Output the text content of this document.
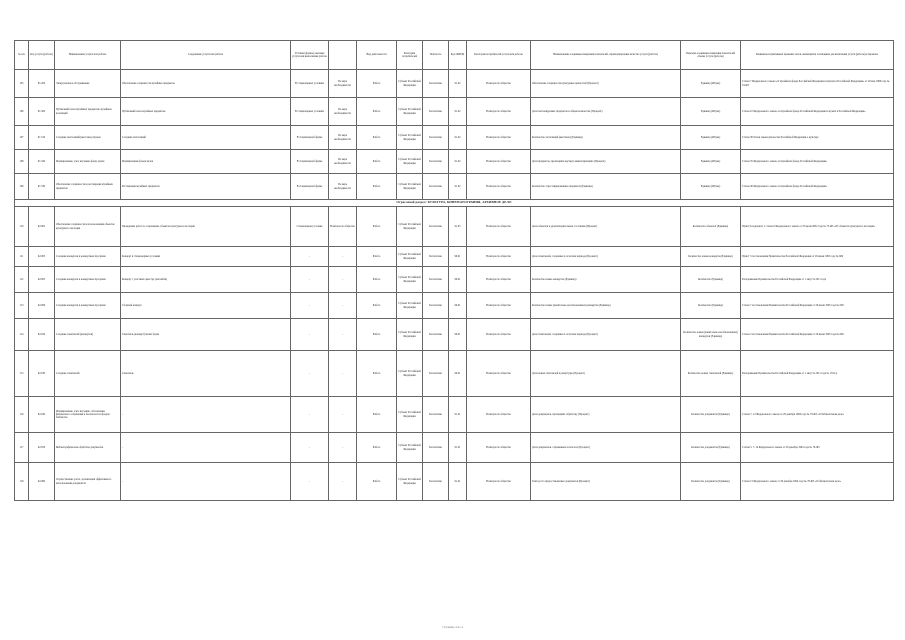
№ п/п	Код услуги (работы)	Наименование услуги или работы	Содержание услуги или работы	Условия (формы) оказания услуги или выполнения работы		Вид деятельности	Категория потребителей	Платность	Код ОКВЭД	Категория потребителей услуги или работы	Наименование и единицы измерения показателей, характеризующих качество услуги (работы)	Перечень и единицы измерения показателей объема услуги (работы)	Реквизиты нормативных правовых актов, являющихся основанием для включения услуги (работы) в перечень
105	91.200	Экскурсионное обслуживание	Обеспечение сохранности музейных предметов	В стационарных условиях	По мере необходимости	Работа	Субъект Российской Федерации	Бесплатная	91.02	В интересах общества	Обеспечение сохранности культурных ценностей (Процент)	Единица (Штука)	Статья 7 Федерального закона «О музейном фонде Российской Федерации и музеях в Российской Федерации» от 26 мая 1996 года № 54-ФЗ
106	91.300	Публичный показ музейных предметов, музейных коллекций	Публичный показ музейных предметов	В стационарных условиях	По мере необходимости	Работа	Субъект Российской Федерации	Бесплатная	91.02	В интересах общества	Доля экспонируемых предметов в общем количестве (Процент)	Единица (Штука)	Статья 10 Федерального закона «О музейном фонде Российской Федерации и музеях в Российской Федерации»
107	91.310	Создание экспозиций (выставок) музеев	Создание экспозиций	В стационарной форме	По мере необходимости	Работа	Субъект Российской Федерации	Бесплатная	91.02	В интересах общества	Количество экспозиций (выставок) (Единица)	Единица (Штука)	Статья 36 Основ законодательства Российской Федерации о культуре
108	91.320	Формирование, учет, изучение фонда музея	Формирование фонда музея	В стационарной форме	По мере необходимости	Работа	Субъект Российской Федерации	Бесплатная	91.02	В интересах общества	Доля предметов, прошедших научную инвентаризацию (Процент)	Единица (Штука)	Статья 35 Федерального закона «О музейном фонде Российской Федерации»
109	91.330	Обеспечение сохранности и реставрация музейных предметов	Реставрация музейных предметов	В стационарной форме	По мере необходимости	Работа	Субъект Российской Федерации	Бесплатная	91.02	В интересах общества	Количество отреставрированных предметов (Единица)	Единица (Штука)	Статья 36 Федерального закона «О музейном фонде Российской Федерации»
Отраслевой раздел: КУЛЬТУРА, КИНЕМАТОГРАФИЯ, АРХИВНОЕ ДЕЛО													
110	92.002	Обеспечение сохранности и использования объектов культурного наследия	Проведение работ по сохранению объектов культурного наследия	Стационарные условия	В интересах общества	Работа	Субъект Российской Федерации	Бесплатная	91.03	В интересах общества	Доля объектов в удовлетворительном состоянии (Процент)	Количество объектов (Единица)	Пункт 6 подпункта 1 статьи 9 Федерального закона от 25 июня 2002 года № 73-ФЗ «Об объектах культурного наследия»
111	92.003	Создание концертов и концертных программ	Концерт в стационарных условиях	-	-	Работа	Субъект Российской Федерации	Бесплатная	90.01	В интересах общества	Доля спектаклей, созданных в отчетном периоде (Процент)	Количество новых концертов (Единица)	Пункт 7 постановления Правительства Российской Федерации от 26 июня 1995 года № 609
112	92.005	Создание концертов и концертных программ	Концерт с участием оркестра (ансамбля)	-	-	Работа	Субъект Российской Федерации	Бесплатная	90.01	В интересах общества	Количество новых концертов (Единица)	Количество (Единица)	Распоряжение Правительства Российской Федерации от 1 августа 2011 года
113	92.006	Создание концертов и концертных программ	Сборный концерт	-	-	Работа	Субъект Российской Федерации	Бесплатная	90.01	В интересах общества	Количество новых (капитально-возобновленных) концертов (Единица)	Количество (Единица)	Статья 7 постановления Правительства Российской Федерации от 26 июня 1995 года № 609
114	92.020	Создание спектаклей (концертов)	Спектакль (концерт) малых форм	-	-	Работа	Субъект Российской Федерации	Бесплатная	90.01	В интересах общества	Доля спектаклей, созданных в отчетном периоде (Процент)	Количество новых (капитально-возобновленных) концертов (Единица)	Статья 3 постановления Правительства Российской Федерации от 26 июня 1995 года № 609
115	92.030	Создание спектаклей	Спектакль	-	-	Работа	Субъект Российской Федерации	Бесплатная	90.01	В интересах общества	Доля новых спектаклей в репертуаре (Процент)	Количество новых спектаклей (Единица)	Распоряжение Правительства Российской Федерации от 1 августа 2011 года № 1352-р
116	92.040	Формирование, учет, изучение, обеспечение физического сохранения и безопасности фондов библиотек	-	-	-	Работа	Субъект Российской Федерации	Бесплатная	91.01	В интересах общества	Доля документов, прошедших обработку (Процент)	Количество документов (Единица)	Статьи 7, 12 Федерального закона от 29 декабря 1994 года № 78-ФЗ «О библиотечном деле»
117	92.050	Библиографическая обработка документов	-	-	-	Работа	Субъект Российской Федерации	Бесплатная	91.01	В интересах общества	Доля документов, отраженных в каталоге (Процент)	Количество документов (Единица)	Статьи 5, 7, 14 Федерального закона от 29 декабря 1994 года № 78-ФЗ
118	92.060	Осуществление учета, организация эффективного использования документов	-	-	-	Работа	Субъект Российской Федерации	Бесплатная	91.01	В интересах общества	Темп роста предоставленных документов (Процент)	Количество документов (Единица)	Статья 13 Федерального закона от 29 декабря 1994 года № 78-ФЗ «О библиотечном деле»
Страница 4 из 4
